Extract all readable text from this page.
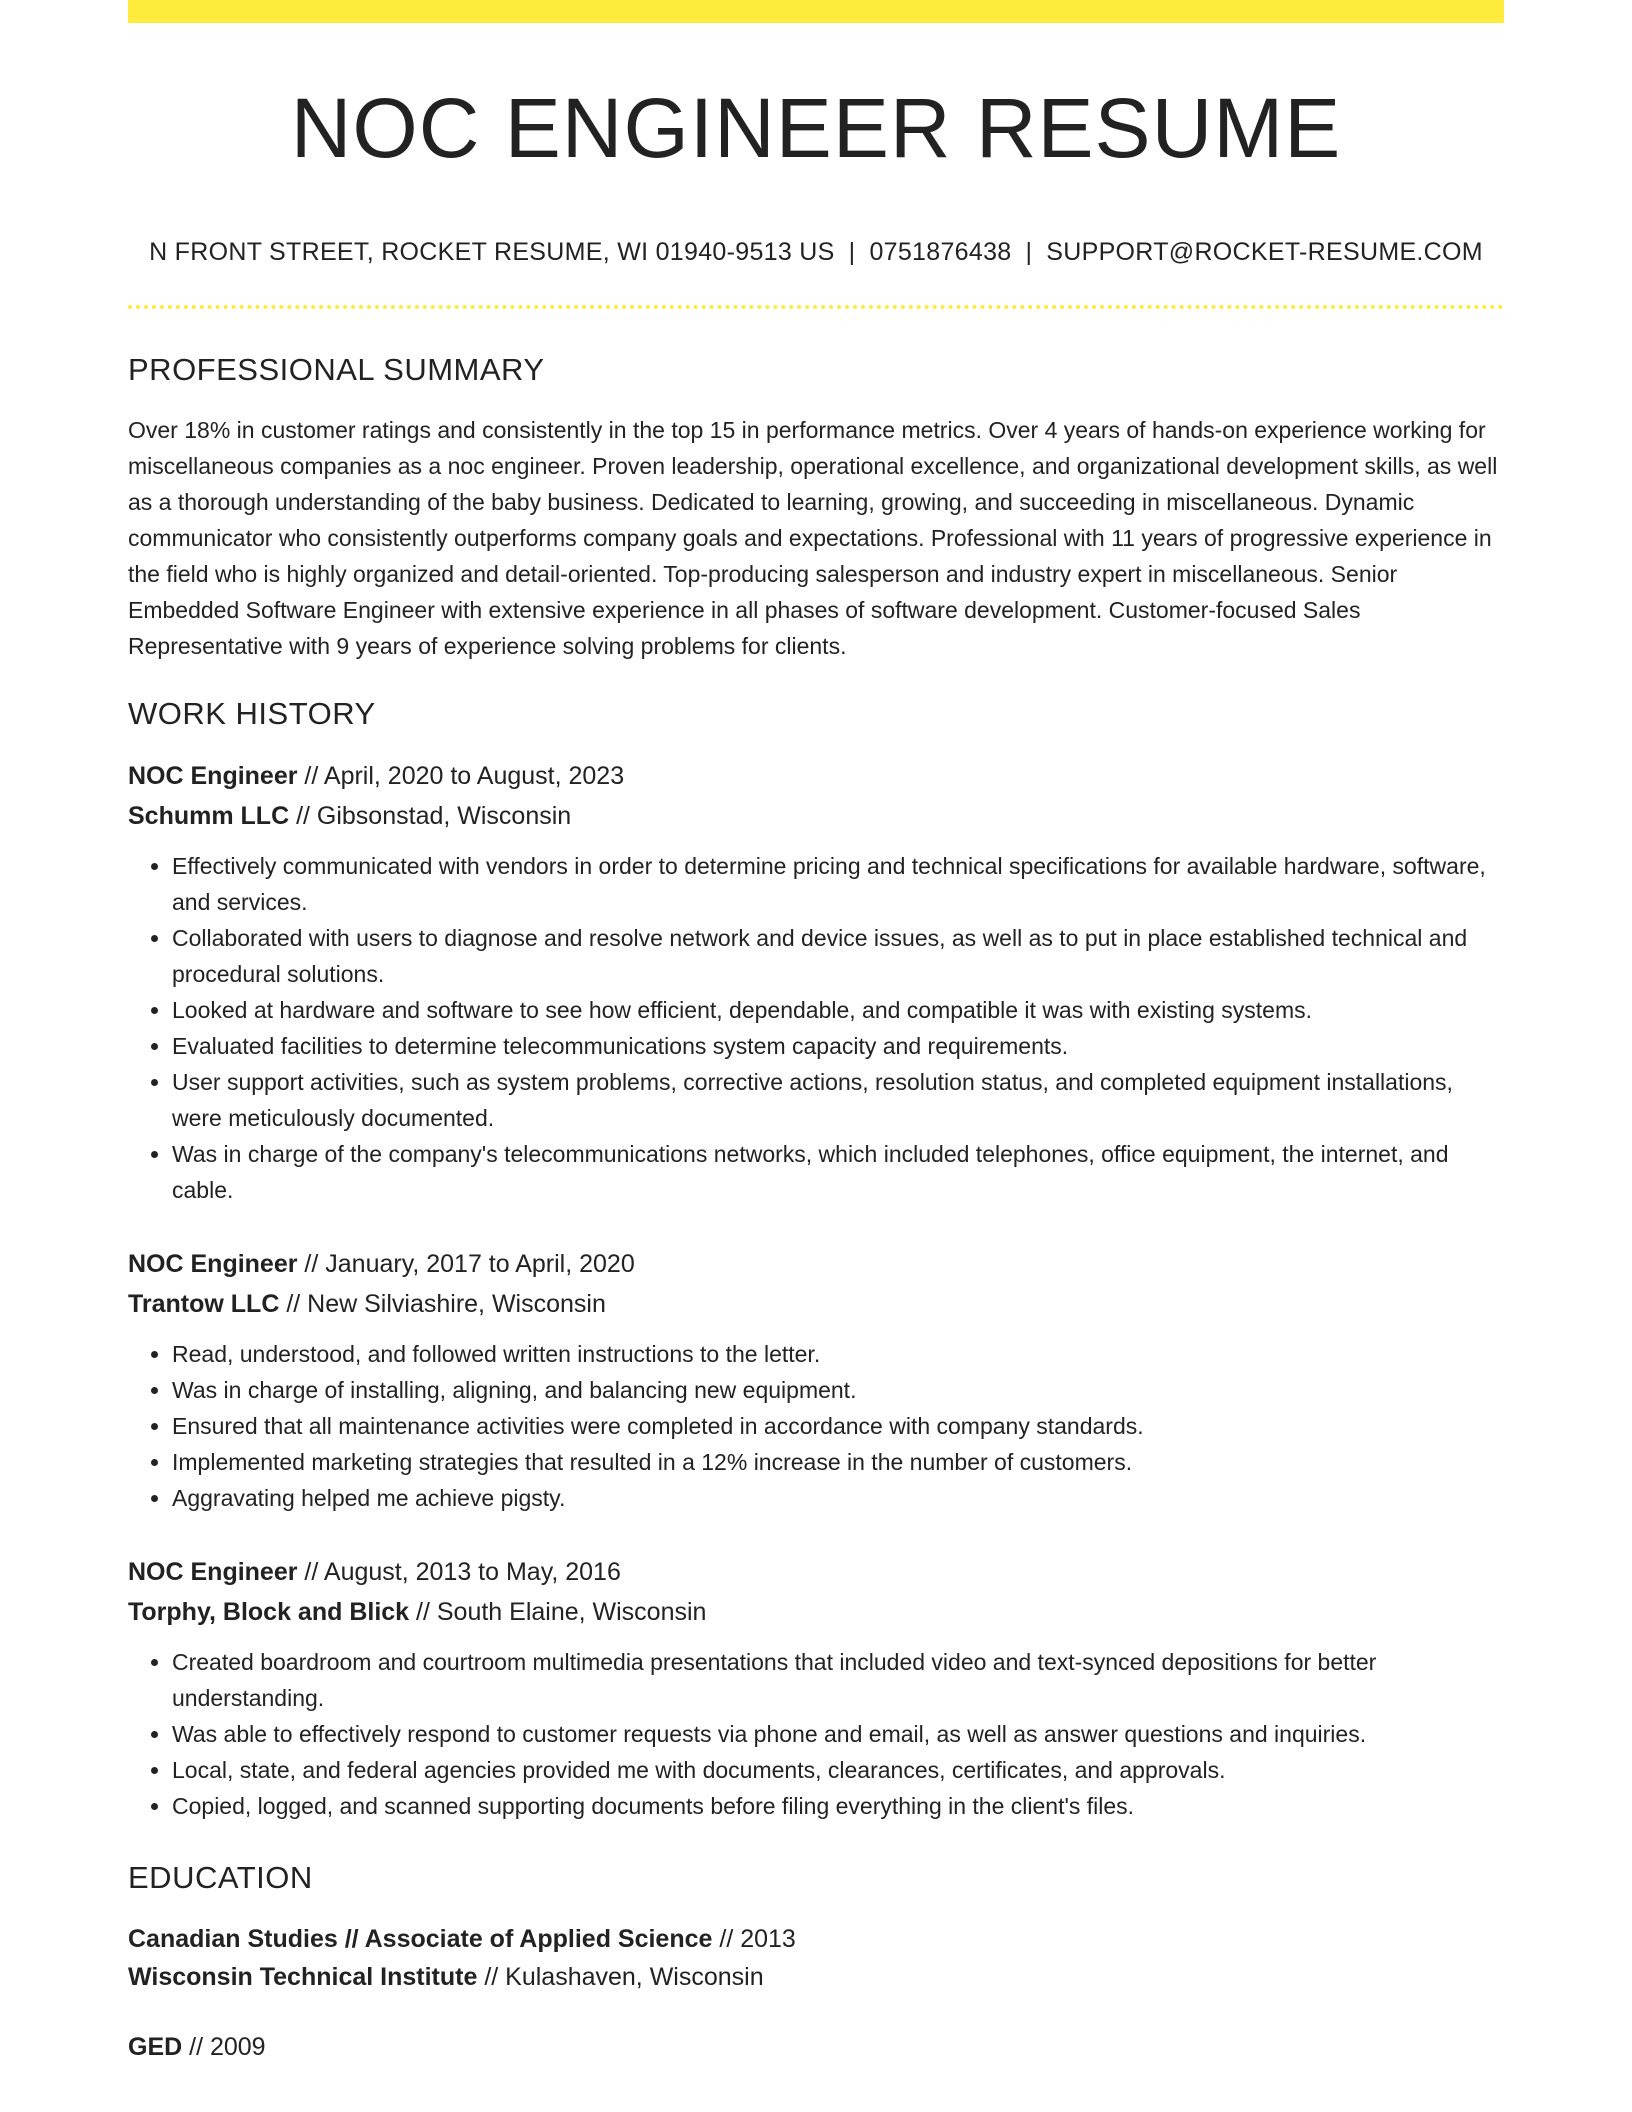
NOC ENGINEER RESUME
N FRONT STREET, ROCKET RESUME, WI 01940-9513 US | 0751876438 | SUPPORT@ROCKET-RESUME.COM
PROFESSIONAL SUMMARY

Over 18% in customer ratings and consistently in the top 15 in performance metrics. Over 4 years of hands-on experience working for miscellaneous companies as a noc engineer. Proven leadership, operational excellence, and organizational development skills, as well as a thorough understanding of the baby business. Dedicated to learning, growing, and succeeding in miscellaneous. Dynamic communicator who consistently outperforms company goals and expectations. Professional with 11 years of progressive experience in the field who is highly organized and detail-oriented. Top-producing salesperson and industry expert in miscellaneous. Senior Embedded Software Engineer with extensive experience in all phases of software development. Customer-focused Sales Representative with 9 years of experience solving problems for clients.

WORK HISTORY

NOC Engineer // April, 2020 to August, 2023

Schumm LLC // Gibsonstad, Wisconsin

• Effectively communicated with vendors in order to determine pricing and technical specifications for available hardware, software, and services.
• Collaborated with users to diagnose and resolve network and device issues, as well as to put in place established technical and procedural solutions.
• Looked at hardware and software to see how efficient, dependable, and compatible it was with existing systems.
• Evaluated facilities to determine telecommunications system capacity and requirements.
• User support activities, such as system problems, corrective actions, resolution status, and completed equipment installations, were meticulously documented.
• Was in charge of the company's telecommunications networks, which included telephones, office equipment, the internet, and cable.

NOC Engineer // January, 2017 to April, 2020

Trantow LLC // New Silviashire, Wisconsin

• Read, understood, and followed written instructions to the letter.
• Was in charge of installing, aligning, and balancing new equipment.
• Ensured that all maintenance activities were completed in accordance with company standards.
• Implemented marketing strategies that resulted in a 12% increase in the number of customers.
• Aggravating helped me achieve pigsty.

NOC Engineer // August, 2013 to May, 2016

Torphy, Block and Blick // South Elaine, Wisconsin

• Created boardroom and courtroom multimedia presentations that included video and text-synced depositions for better understanding.
• Was able to effectively respond to customer requests via phone and email, as well as answer questions and inquiries.
• Local, state, and federal agencies provided me with documents, clearances, certificates, and approvals.
• Copied, logged, and scanned supporting documents before filing everything in the client's files.
EDUCATION

Canadian Studies // Associate of Applied Science // 2013

Wisconsin Technical Institute // Kulashaven, Wisconsin

GED // 2009
